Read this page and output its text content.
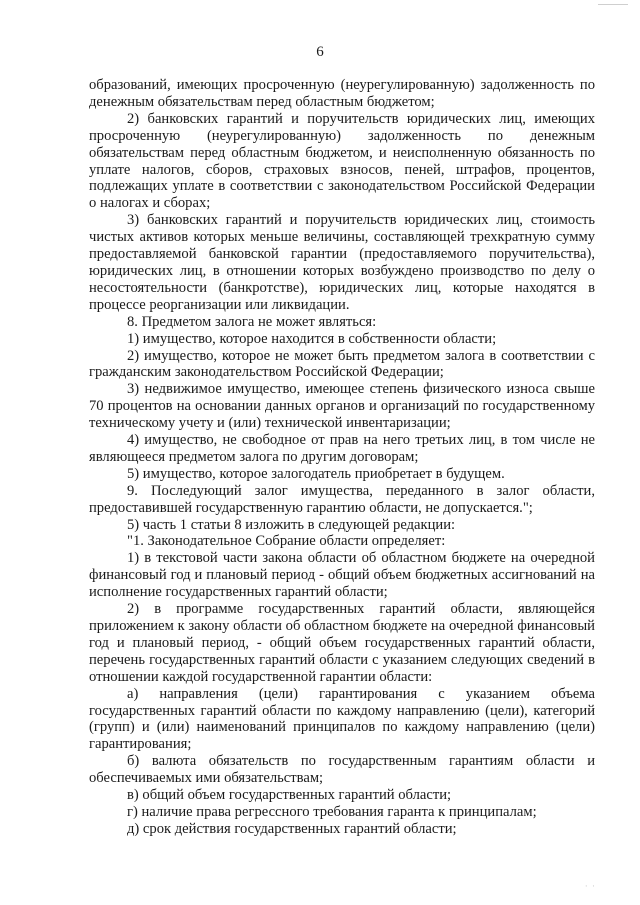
6

образований, имеющих просроченную (неурегулированную) задолженность по денежным обязательствам перед областным бюджетом;

2) банковских гарантий и поручительств юридических лиц, имеющих просроченную (неурегулированную) задолженность по денежным обязательствам перед областным бюджетом, и неисполненную обязанность по уплате налогов, сборов, страховых взносов, пеней, штрафов, процентов, подлежащих уплате в соответствии с законодательством Российской Федерации о налогах и сборах;

3) банковских гарантий и поручительств юридических лиц, стоимость чистых активов которых меньше величины, составляющей трехкратную сумму предоставляемой банковской гарантии (предоставляемого поручительства), юридических лиц, в отношении которых возбуждено производство по делу о несостоятельности (банкротстве), юридических лиц, которые находятся в процессе реорганизации или ликвидации.

8. Предметом залога не может являться:

1) имущество, которое находится в собственности области;

2) имущество, которое не может быть предметом залога в соответствии с гражданским законодательством Российской Федерации;

3) недвижимое имущество, имеющее степень физического износа свыше 70 процентов на основании данных органов и организаций по государственному техническому учету и (или) технической инвентаризации;

4) имущество, не свободное от прав на него третьих лиц, в том числе не являющееся предметом залога по другим договорам;

5) имущество, которое залогодатель приобретает в будущем.

9. Последующий залог имущества, переданного в залог области, предоставившей государственную гарантию области, не допускается.";

5) часть 1 статьи 8 изложить в следующей редакции:

"1. Законодательное Собрание области определяет:

1) в текстовой части закона области об областном бюджете на очередной финансовый год и плановый период - общий объем бюджетных ассигнований на исполнение государственных гарантий области;

2) в программе государственных гарантий области, являющейся приложением к закону области об областном бюджете на очередной финансовый год и плановый период, - общий объем государственных гарантий области, перечень государственных гарантий области с указанием следующих сведений в отношении каждой государственной гарантии области:

а) направления (цели) гарантирования с указанием объема государственных гарантий области по каждому направлению (цели), категорий (групп) и (или) наименований принципалов по каждому направлению (цели) гарантирования;

б) валюта обязательств по государственным гарантиям области и обеспечиваемых ими обязательствам;

в) общий объем государственных гарантий области;

г) наличие права регрессного требования гаранта к принципалам;

д) срок действия государственных гарантий области;

· ·
